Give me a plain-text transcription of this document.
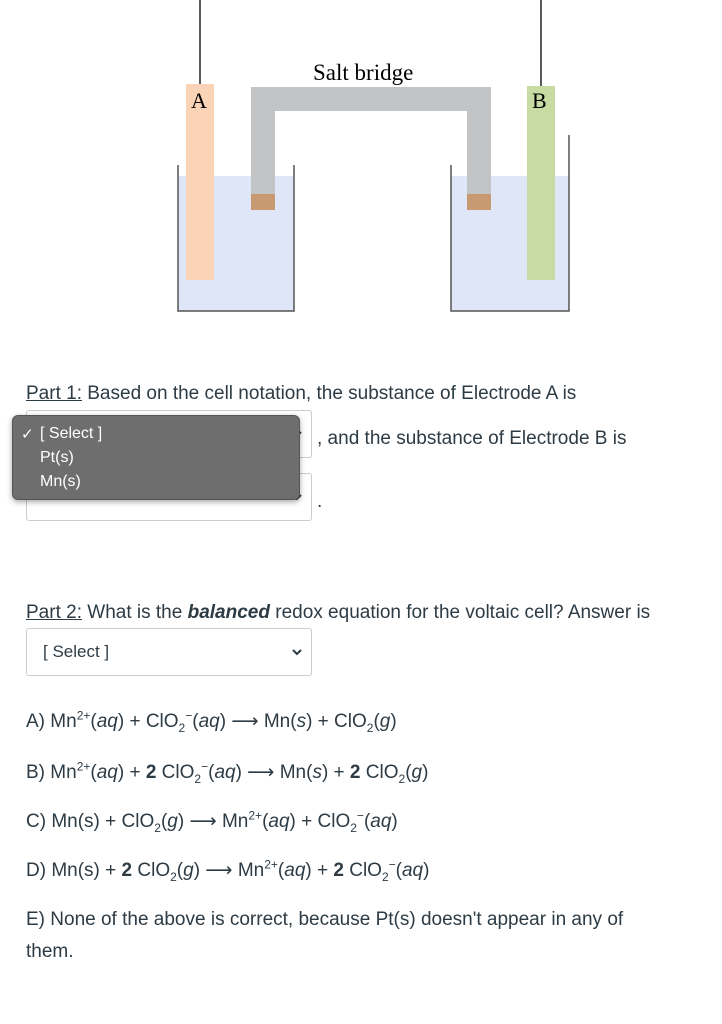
A	B
Salt bridge
Part 1: Based on the cell notation, the substance of Electrode A is
, and the substance of Electrode B is
.
✓ [ Select ]
Pt(s)
Mn(s)
Part 2: What is the balanced redox equation for the voltaic cell? Answer is
[ Select ]
A) $Mn^{2+}(aq) + ClO_2^-(aq)$ ⟶ Mn(s) + ClO$_2$(g)
B) $Mn^{2+}(aq) + 2$ ClO$_2$−(aq) ⟶ Mn(s) + 2 ClO$_2$(g)
C) Mn(s) + ClO$_2$(g) ⟶ $Mn^{2+}(aq) + ClO_2^-(aq)$
D) Mn(s) + 2 ClO$_2$(g) ⟶ $Mn^{2+}(aq) + 2$ ClO$_2$−(aq)
E) None of the above is correct, because Pt(s) doesn't appear in any of
them.
